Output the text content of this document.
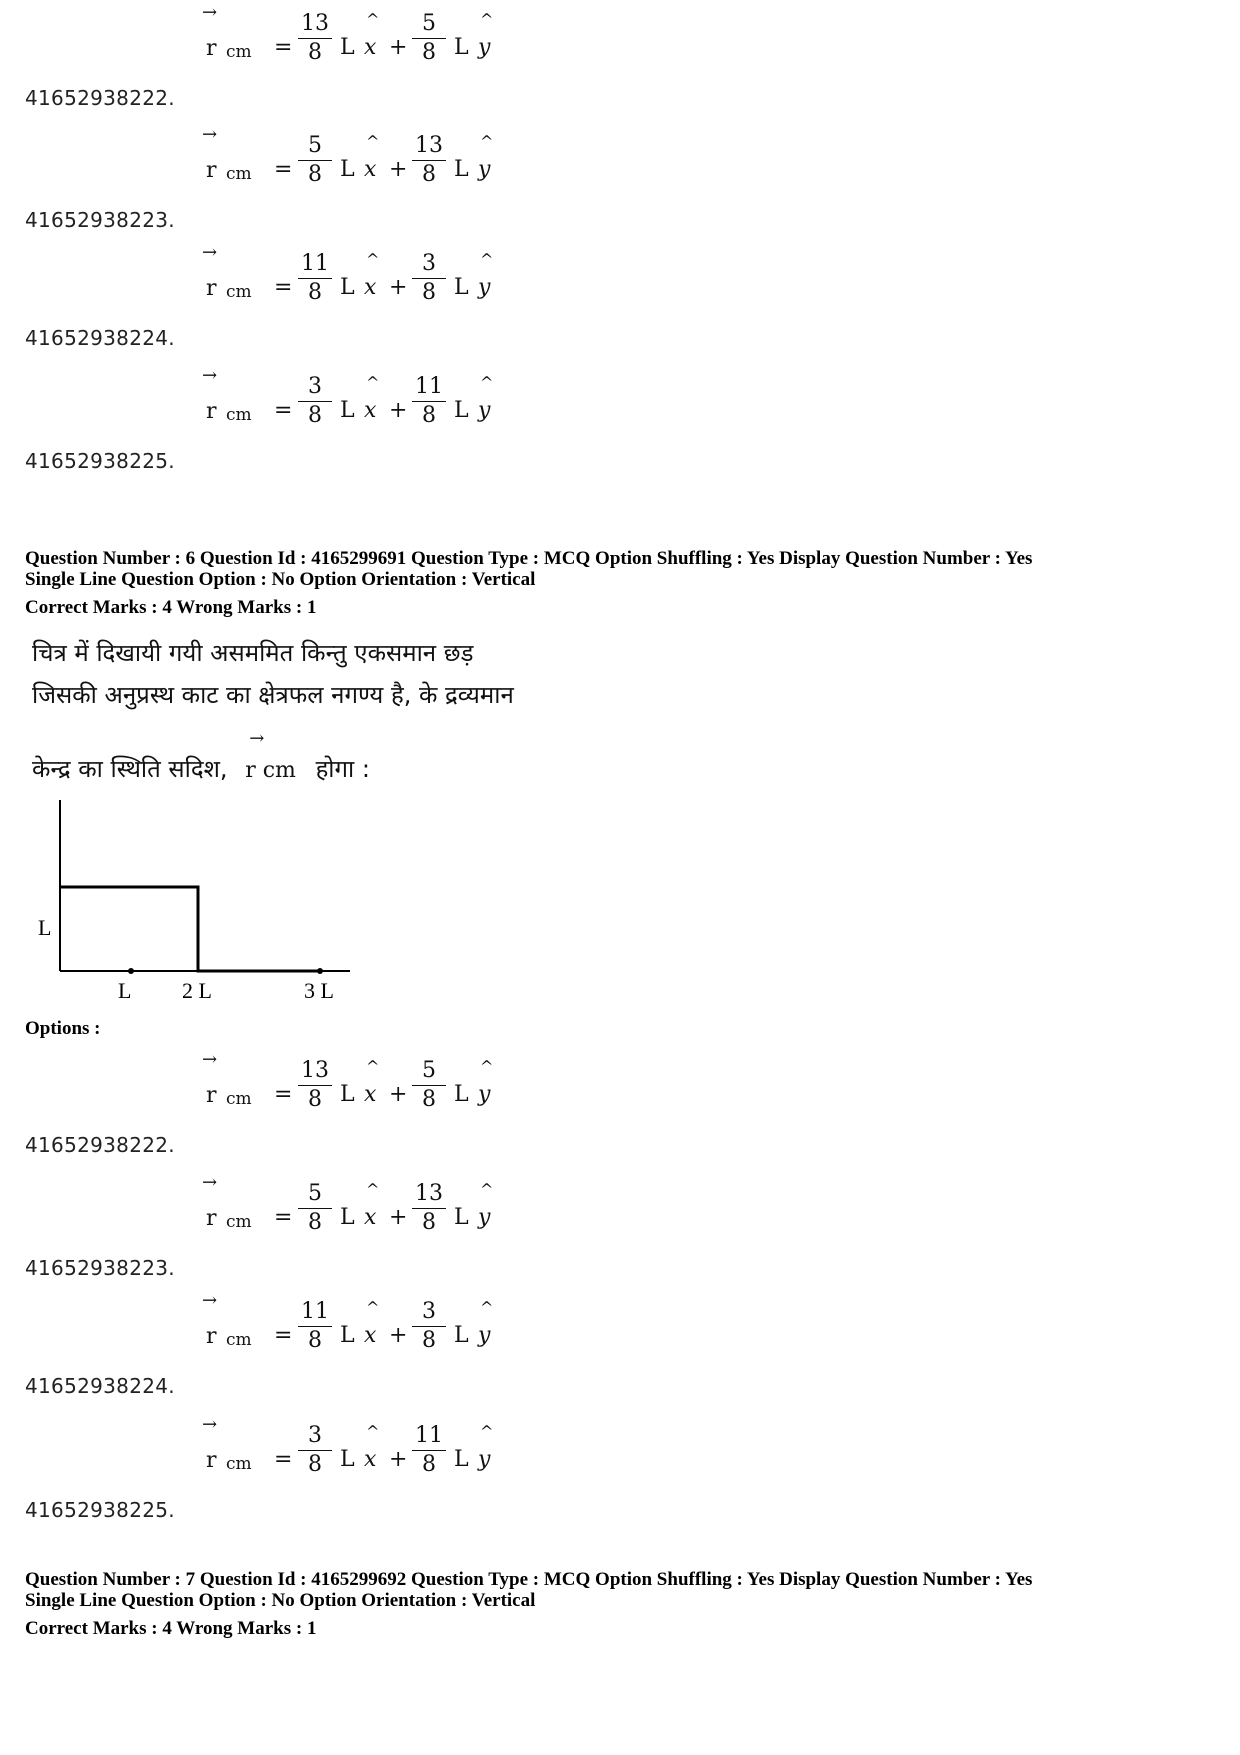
→
r cm = $\frac{13}{8}$ L
^
$x + \frac{5}{8}$ L
^
y
41652938222.
→
r cm = $\frac{5}{8}$ L
^
$x + \frac{13}{8}$ L
^
y
41652938223.
→
r cm = $\frac{11}{8}$ L
^
$x + \frac{3}{8}$ L
^
y
41652938224.
→
r cm = $\frac{3}{8}$ L
^
$x + \frac{11}{8}$ L
^
y
41652938225.
Question Number : 6 Question Id : 4165299691 Question Type : MCQ Option Shuffling : Yes Display Question Number : Yes
Single Line Question Option : No Option Orientation : Vertical
Correct Marks : 4 Wrong Marks : 1
चित्र में दिखायी गयी असममित किन्तु एकसमान छड़
जिसकी अनुप्रस्थ काट का क्षेत्रफल नगण्य है, के द्रव्यमान
केन्द्र का स्थिति सदिश,
→
r cm होगा :
L
L 2 L	3 L
Options :
→
r cm = $\frac{13}{8}$ L
^
$x + \frac{5}{8}$ L
^
y
41652938222.
→
r cm = $\frac{5}{8}$ L
^
$x + \frac{13}{8}$ L
^
y
41652938223.
→
r cm = $\frac{11}{8}$ L
^
$x + \frac{3}{8}$ L
^
y
41652938224.
→
r cm = $\frac{3}{8}$ L
^
$x + \frac{11}{8}$ L
^
y
41652938225.
Question Number : 7 Question Id : 4165299692 Question Type : MCQ Option Shuffling : Yes Display Question Number : Yes
Single Line Question Option : No Option Orientation : Vertical
Correct Marks : 4 Wrong Marks : 1
